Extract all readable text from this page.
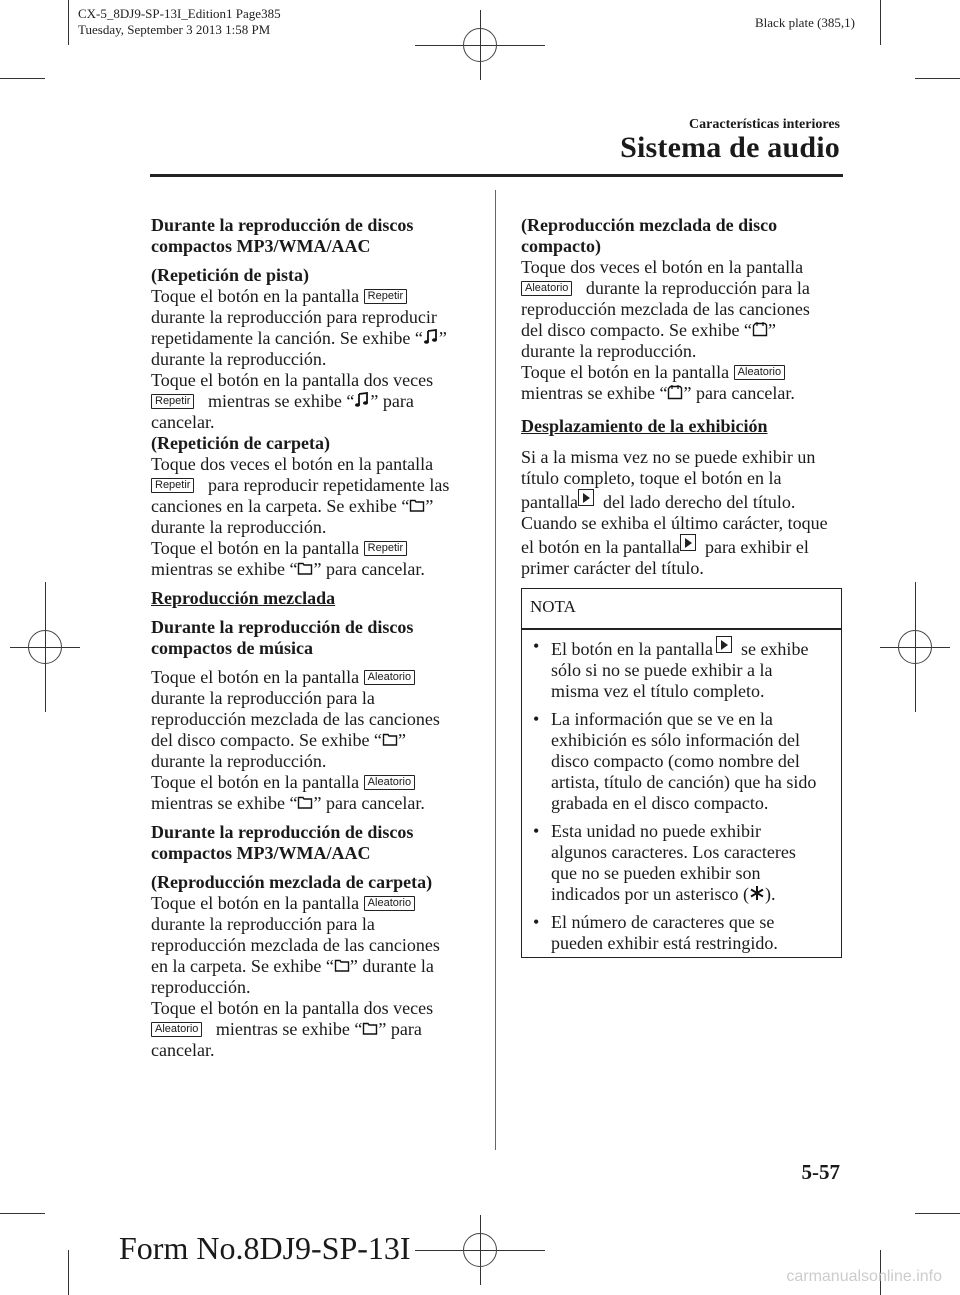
CX-5_8DJ9-SP-13I_Edition1 Page385
Tuesday, September 3 2013 1:58 PM	Black plate (385,1)
Características interiores
Sistema de audio

Durante la reproducción de discos

compactos MP3/WMA/AAC

(Repetición de pista)

Toque el botón en la pantalla Repetir

durante la reproducción para reproducir

repetidamente la canción. Se exhibe “ ”

durante la reproducción.

Toque el botón en la pantalla dos veces

Repetir mientras se exhibe “ ” para

cancelar.

(Repetición de carpeta)

Toque dos veces el botón en la pantalla

Repetir para reproducir repetidamente las

canciones en la carpeta. Se exhibe “ ”

durante la reproducción.

Toque el botón en la pantalla Repetir

mientras se exhibe “ ” para cancelar.

Reproducción mezclada

Durante la reproducción de discos

compactos de música

Toque el botón en la pantalla Aleatorio

durante la reproducción para la

reproducción mezclada de las canciones

del disco compacto. Se exhibe “ ”

durante la reproducción.

Toque el botón en la pantalla Aleatorio

mientras se exhibe “ ” para cancelar.

Durante la reproducción de discos

compactos MP3/WMA/AAC

(Reproducción mezclada de carpeta)

Toque el botón en la pantalla Aleatorio

durante la reproducción para la

reproducción mezclada de las canciones

en la carpeta. Se exhibe “ ” durante la

reproducción.

Toque el botón en la pantalla dos veces

Aleatorio mientras se exhibe “ ” para

cancelar.

(Reproducción mezclada de disco

compacto)

Toque dos veces el botón en la pantalla

Aleatorio durante la reproducción para la

reproducción mezclada de las canciones

del disco compacto. Se exhibe “ ”

durante la reproducción.

Toque el botón en la pantalla Aleatorio

mientras se exhibe “ ” para cancelar.

Desplazamiento de la exhibición

Si a la misma vez no se puede exhibir un

título completo, toque el botón en la

pantalla del lado derecho del título.

Cuando se exhiba el último carácter, toque

el botón en la pantalla para exhibir el

primer carácter del título.

NOTA
• El botón en la pantalla se exhibe

sólo si no se puede exhibir a la

misma vez el título completo.

• La información que se ve en la

exhibición es sólo información del

disco compacto (como nombre del

artista, título de canción) que ha sido

grabada en el disco compacto.

• Esta unidad no puede exhibir

algunos caracteres. Los caracteres

que no se pueden exhibir son

indicados por un asterisco ( ).

• El número de caracteres que se

pueden exhibir está restringido.

5-57
Form No.8DJ9-SP-13I
carmanualsonline.info
